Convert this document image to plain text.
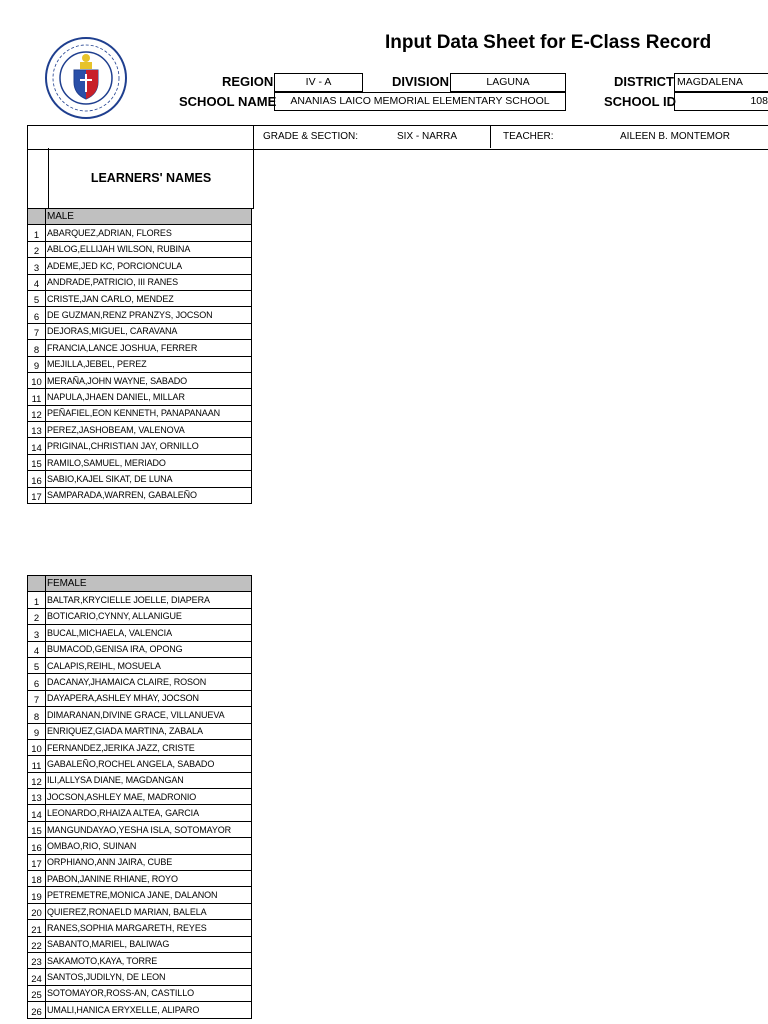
Input Data Sheet for E-Class Record
REGION	IV - A	DIVISION	LAGUNA	DISTRICT MAGDALENA
SCHOOL NAME	ANANIAS LAICO MEMORIAL ELEMENTARY SCHOOL	SCHOOL ID	108
GRADE & SECTION:	SIX - NARRA	TEACHER:	AILEEN B. MONTEMOR
LEARNERS' NAMES
	MALE
1	ABARQUEZ,ADRIAN, FLORES
2	ABLOG,ELLIJAH WILSON, RUBINA
3	ADEME,JED KC, PORCIONCULA
4	ANDRADE,PATRICIO, III RANES
5	CRISTE,JAN CARLO, MENDEZ
6	DE GUZMAN,RENZ PRANZYS, JOCSON
7	DEJORAS,MIGUEL, CARAVANA
8	FRANCIA,LANCE JOSHUA, FERRER
9	MEJILLA,JEBEL, PEREZ
10	MERAÑA,JOHN WAYNE, SABADO
11	NAPULA,JHAEN DANIEL, MILLAR
12	PEÑAFIEL,EON KENNETH, PANAPANAAN
13	PEREZ,JASHOBEAM, VALENOVA
14	PRIGINAL,CHRISTIAN JAY, ORNILLO
15	RAMILO,SAMUEL, MERIADO
16	SABIO,KAJEL SIKAT, DE LUNA
17	SAMPARADA,WARREN, GABALEÑO
	FEMALE
1	BALTAR,KRYCIELLE JOELLE, DIAPERA
2	BOTICARIO,CYNNY, ALLANIGUE
3	BUCAL,MICHAELA, VALENCIA
4	BUMACOD,GENISA IRA, OPONG
5	CALAPIS,REIHL, MOSUELA
6	DACANAY,JHAMAICA CLAIRE, ROSON
7	DAYAPERA,ASHLEY MHAY, JOCSON
8	DIMARANAN,DIVINE GRACE, VILLANUEVA
9	ENRIQUEZ,GIADA MARTINA, ZABALA
10	FERNANDEZ,JERIKA JAZZ, CRISTE
11	GABALEÑO,ROCHEL ANGELA, SABADO
12	ILI,ALLYSA DIANE, MAGDANGAN
13	JOCSON,ASHLEY MAE, MADRONIO
14	LEONARDO,RHAIZA ALTEA, GARCIA
15	MANGUNDAYAO,YESHA ISLA, SOTOMAYOR
16	OMBAO,RIO, SUINAN
17	ORPHIANO,ANN JAIRA, CUBE
18	PABON,JANINE RHIANE, ROYO
19	PETREMETRE,MONICA JANE, DALANON
20	QUIEREZ,RONAELD MARIAN, BALELA
21	RANES,SOPHIA MARGARETH, REYES
22	SABANTO,MARIEL, BALIWAG
23	SAKAMOTO,KAYA, TORRE
24	SANTOS,JUDILYN, DE LEON
25	SOTOMAYOR,ROSS-AN, CASTILLO
26	UMALI,HANICA ERYXELLE, ALIPARO
